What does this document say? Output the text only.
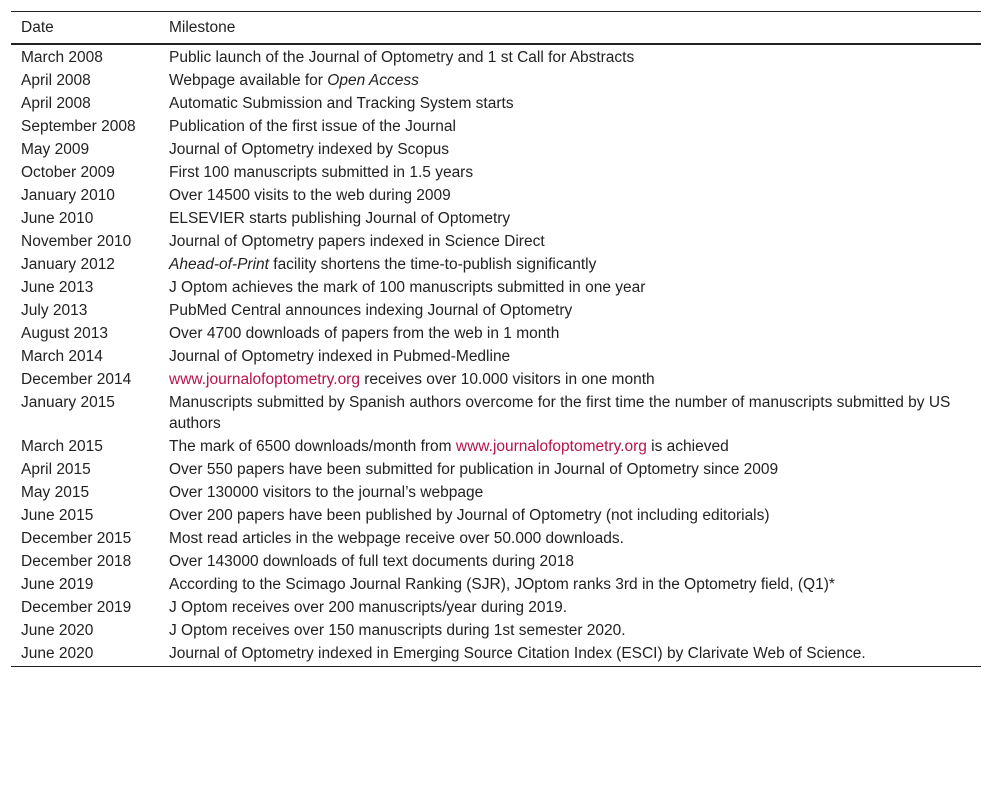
Date	Milestone
March 2008	Public launch of the Journal of Optometry and 1 st Call for Abstracts
April 2008	Webpage available for Open Access
April 2008	Automatic Submission and Tracking System starts
September 2008	Publication of the first issue of the Journal
May 2009	Journal of Optometry indexed by Scopus
October 2009	First 100 manuscripts submitted in 1.5 years
January 2010	Over 14500 visits to the web during 2009
June 2010	ELSEVIER starts publishing Journal of Optometry
November 2010	Journal of Optometry papers indexed in Science Direct
January 2012	Ahead-of-Print facility shortens the time-to-publish significantly
June 2013	J Optom achieves the mark of 100 manuscripts submitted in one year
July 2013	PubMed Central announces indexing Journal of Optometry
August 2013	Over 4700 downloads of papers from the web in 1 month
March 2014	Journal of Optometry indexed in Pubmed-Medline
December 2014	www.journalofoptometry.org receives over 10.000 visitors in one month
January 2015	Manuscripts submitted by Spanish authors overcome for the first time the number of manuscripts submitted by US authors
March 2015	The mark of 6500 downloads/month from www.journalofoptometry.org is achieved
April 2015	Over 550 papers have been submitted for publication in Journal of Optometry since 2009
May 2015	Over 130000 visitors to the journal’s webpage
June 2015	Over 200 papers have been published by Journal of Optometry (not including editorials)
December 2015	Most read articles in the webpage receive over 50.000 downloads.
December 2018	Over 143000 downloads of full text documents during 2018
June 2019	According to the Scimago Journal Ranking (SJR), JOptom ranks 3rd in the Optometry field, (Q1)*
December 2019	J Optom receives over 200 manuscripts/year during 2019.
June 2020	J Optom receives over 150 manuscripts during 1st semester 2020.
June 2020	Journal of Optometry indexed in Emerging Source Citation Index (ESCI) by Clarivate Web of Science.
